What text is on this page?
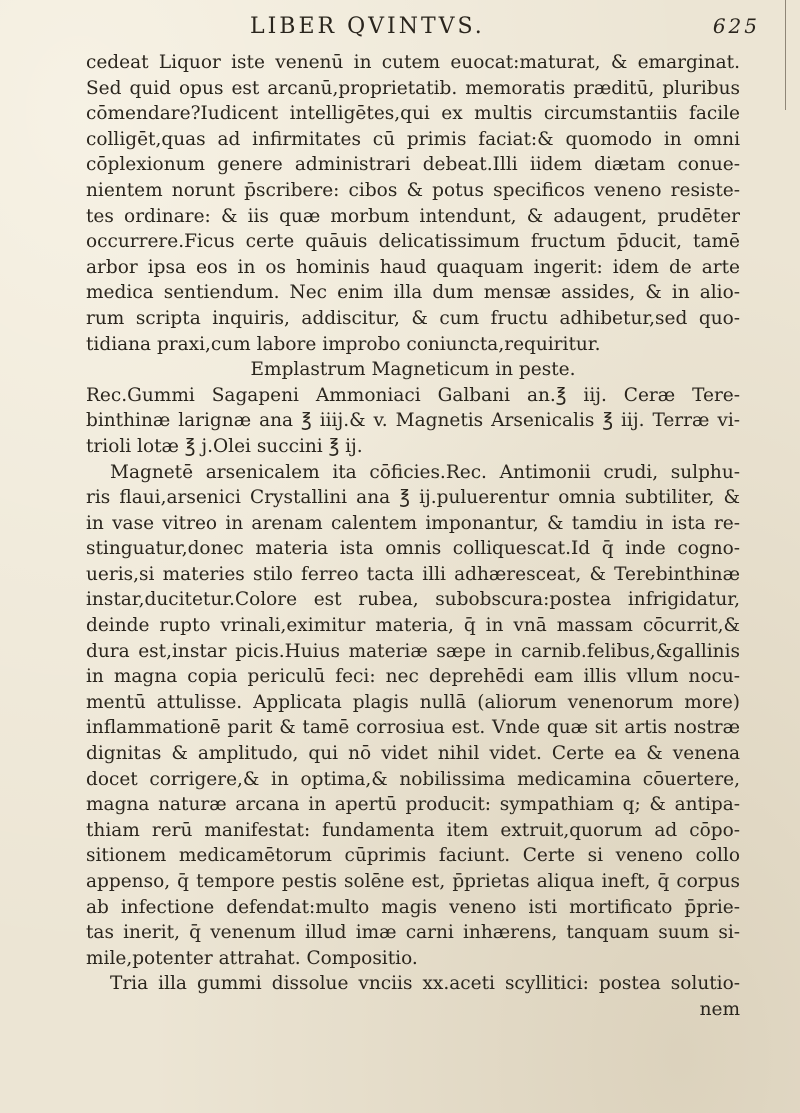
LIBER QVINTVS.	625
cedeat Liquor iste venenū in cutem euocat:maturat, & emarginat.
Sed quid opus est arcanū,proprietatib. memoratis præditū, pluribus
cōmendare?Iudicent intelligētes,qui ex multis circumstantiis facile
colligēt,quas ad infirmitates cū primis faciat:& quomodo in omni
cōplexionum genere administrari debeat.Illi iidem diætam conue-
nientem norunt p̄scribere: cibos & potus specificos veneno resiste-
tes ordinare: & iis quæ morbum intendunt, & adaugent, prudēter
occurrere.Ficus certe quāuis delicatissimum fructum p̄ducit, tamē
arbor ipsa eos in os hominis haud quaquam ingerit: idem de arte
medica sentiendum. Nec enim illa dum mensæ assides, & in alio-
rum scripta inquiris, addiscitur, & cum fructu adhibetur,sed quo-
tidiana praxi,cum labore improbo coniuncta,requiritur.
Emplastrum Magneticum in peste.
Rec.Gummi Sagapeni Ammoniaci Galbani an.℥ iij. Ceræ Tere-
binthinæ larignæ ana ℥ iiij.& v. Magnetis Arsenicalis ℥ iij. Terræ vi-
trioli lotæ ℥ j.Olei succini ℥ ij.
Magnetē arsenicalem ita cōficies.Rec. Antimonii crudi, sulphu-
ris flaui,arsenici Crystallini ana ℥ ij.puluerentur omnia subtiliter, &
in vase vitreo in arenam calentem imponantur, & tamdiu in ista re-
stinguatur,donec materia ista omnis colliquescat.Id q̄ inde cogno-
ueris,si materies stilo ferreo tacta illi adhæresceat, & Terebinthinæ
instar,ducitetur.Colore est rubea, subobscura:postea infrigidatur,
deinde rupto vrinali,eximitur materia, q̄ in vnā massam cōcurrit,&
dura est,instar picis.Huius materiæ sæpe in carnib.felibus,&gallinis
in magna copia periculū feci: nec deprehēdi eam illis vllum nocu-
mentū attulisse. Applicata plagis nullā (aliorum venenorum more)
inflammationē parit & tamē corrosiua est. Vnde quæ sit artis nostræ
dignitas & amplitudo, qui nō videt nihil videt. Certe ea & venena
docet corrigere,& in optima,& nobilissima medicamina cōuertere,
magna naturæ arcana in apertū producit: sympathiam q; & antipa-
thiam rerū manifestat: fundamenta item extruit,quorum ad cōpo-
sitionem medicamētorum cūprimis faciunt. Certe si veneno collo
appenso, q̄ tempore pestis solēne est, p̄prietas aliqua ineft, q̄ corpus
ab infectione defendat:multo magis veneno isti mortificato p̄prie-
tas inerit, q̄ venenum illud imæ carni inhærens, tanquam suum si-
mile,potenter attrahat. Compositio.
Tria illa gummi dissolue vnciis xx.aceti scyllitici: postea solutio-
nem
